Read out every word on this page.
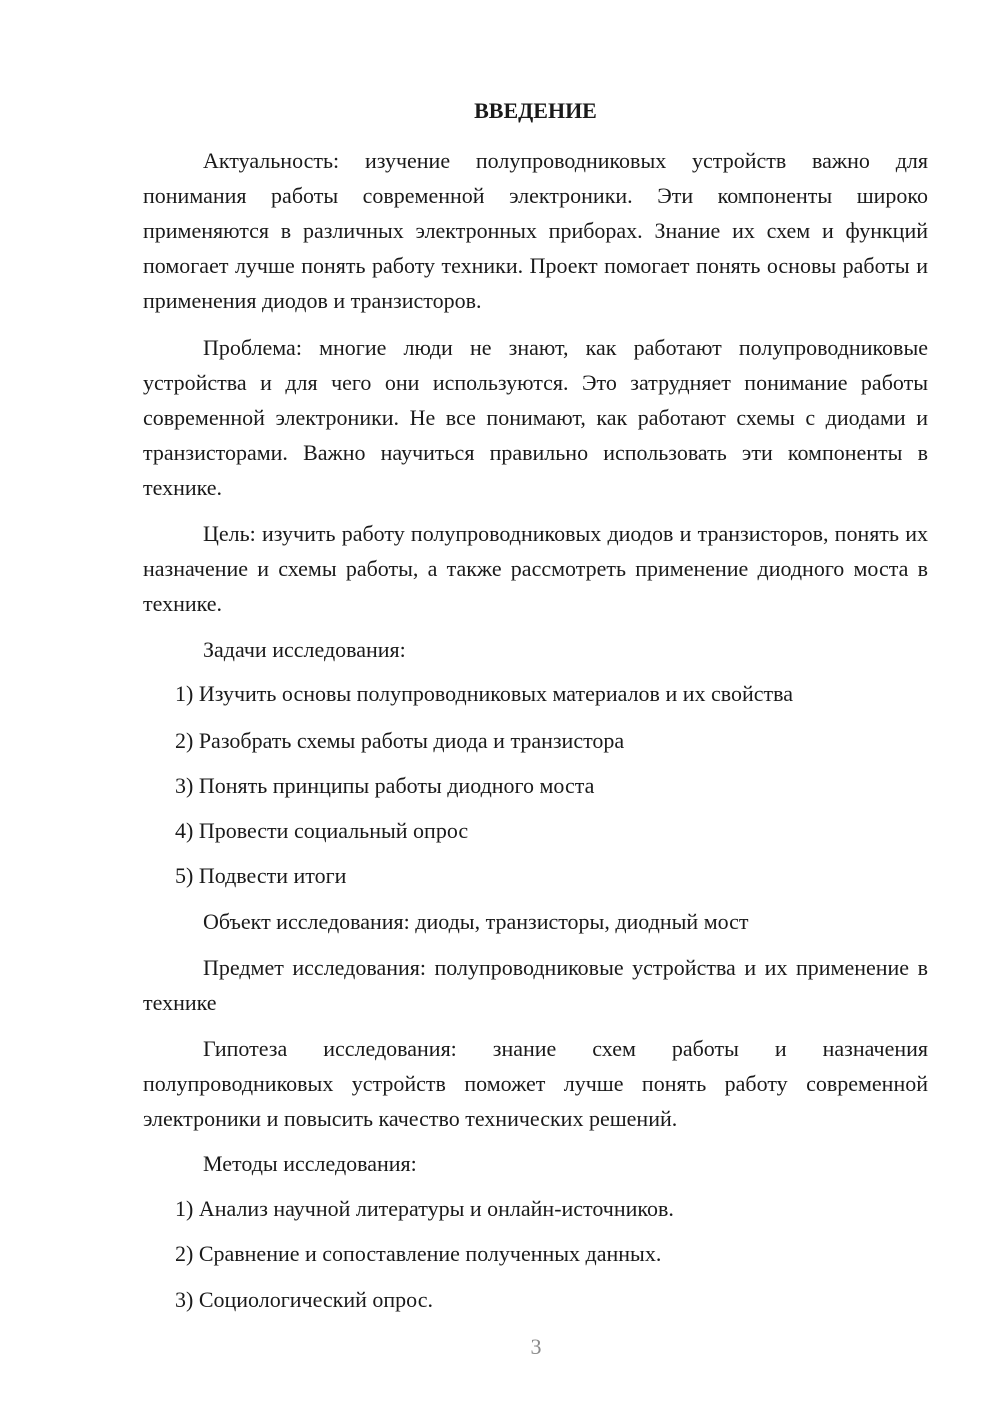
ВВЕДЕНИЕ

Актуальность: изучение полупроводниковых устройств важно для понимания работы современной электроники. Эти компоненты широко применяются в различных электронных приборах. Знание их схем и функций помогает лучше понять работу техники. Проект помогает понять основы работы и применения диодов и транзисторов.

Проблема: многие люди не знают, как работают полупроводниковые устройства и для чего они используются. Это затрудняет понимание работы современной электроники. Не все понимают, как работают схемы с диодами и транзисторами. Важно научиться правильно использовать эти компоненты в технике.

Цель: изучить работу полупроводниковых диодов и транзисторов, понять их назначение и схемы работы, а также рассмотреть применение диодного моста в технике.

Задачи исследования:

1) Изучить основы полупроводниковых материалов и их свойства

2) Разобрать схемы работы диода и транзистора

3) Понять принципы работы диодного моста

4) Провести социальный опрос

5) Подвести итоги

Объект исследования: диоды, транзисторы, диодный мост

Предмет исследования: полупроводниковые устройства и их применение в технике

Гипотеза исследования: знание схем работы и назначения полупроводниковых устройств поможет лучше понять работу современной электроники и повысить качество технических решений.

Методы исследования:

1) Анализ научной литературы и онлайн-источников.

2) Сравнение и сопоставление полученных данных.

3) Социологический опрос.

3
